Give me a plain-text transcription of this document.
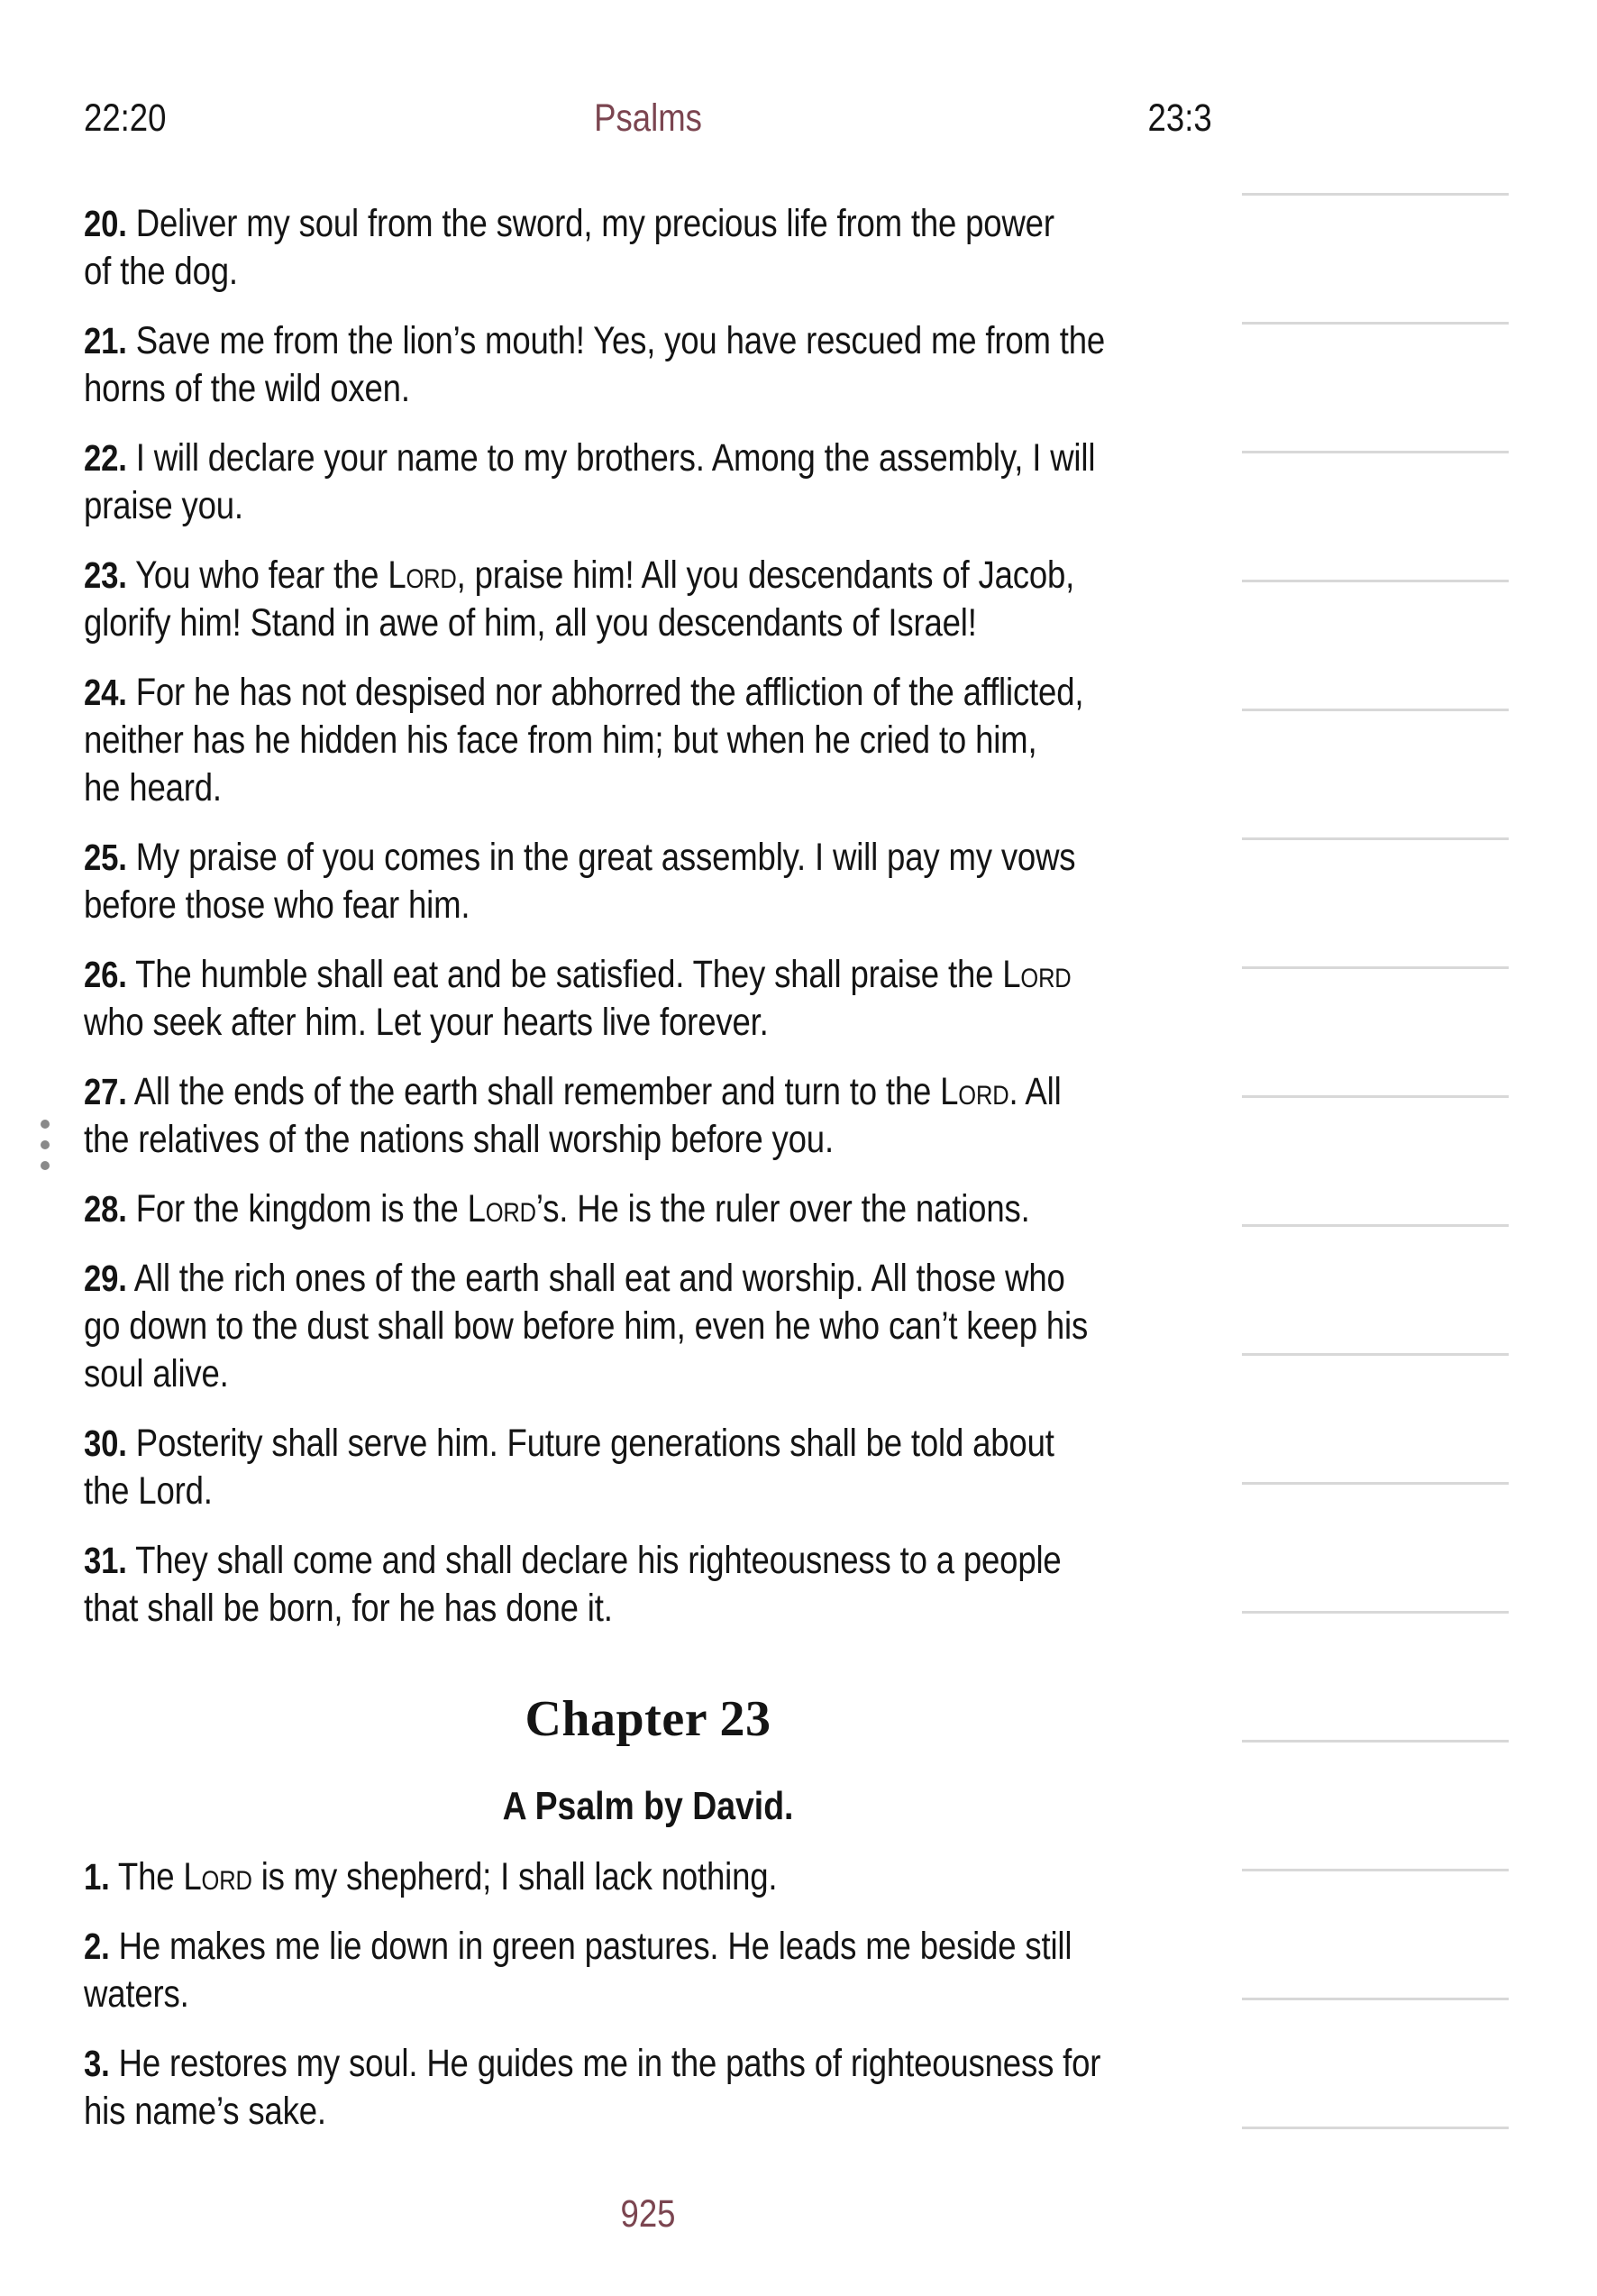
22:20	Psalms	23:3

20. Deliver my soul from the sword, my precious life from the power
of the dog.

21. Save me from the lion’s mouth! Yes, you have rescued me from the
horns of the wild oxen.

22. I will declare your name to my brothers. Among the assembly, I will
praise you.

23. You who fear the Lord, praise him! All you descendants of Jacob,
glorify him! Stand in awe of him, all you descendants of Israel!

24. For he has not despised nor abhorred the affliction of the afflicted,
neither has he hidden his face from him; but when he cried to him,
he heard.

25. My praise of you comes in the great assembly. I will pay my vows
before those who fear him.

26. The humble shall eat and be satisfied. They shall praise the Lord
who seek after him. Let your hearts live forever.

27. All the ends of the earth shall remember and turn to the Lord. All
the relatives of the nations shall worship before you.

28. For the kingdom is the Lord’s. He is the ruler over the nations.

29. All the rich ones of the earth shall eat and worship. All those who
go down to the dust shall bow before him, even he who can’t keep his
soul alive.

30. Posterity shall serve him. Future generations shall be told about
the Lord.

31. They shall come and shall declare his righteousness to a people
that shall be born, for he has done it.

Chapter 23
A Psalm by David.

1. The Lord is my shepherd; I shall lack nothing.

2. He makes me lie down in green pastures. He leads me beside still
waters.

3. He restores my soul. He guides me in the paths of righteousness for
his name’s sake.

925
